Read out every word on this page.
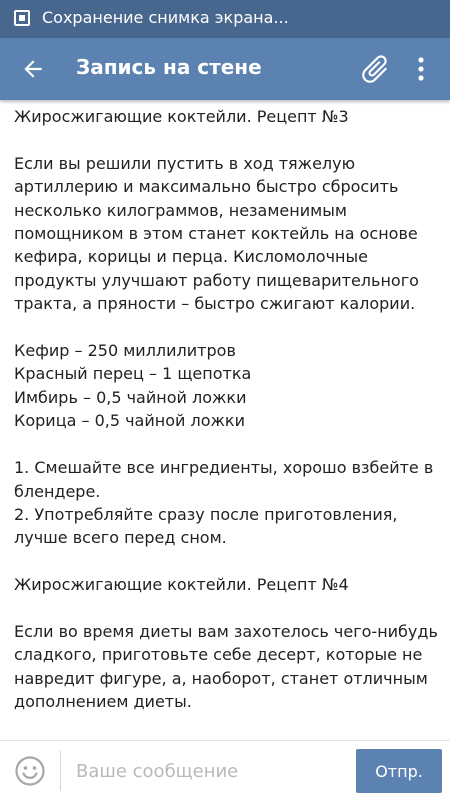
Сохранение снимка экрана...
Запись на стене

Жиросжигающие коктейли. Рецепт №3

Если вы решили пустить в ход тяжелую артиллерию и максимально быстро сбросить несколько килограммов, незаменимым помощником в этом станет коктейль на основе кефира, корицы и перца. Кисломолочные продукты улучшают работу пищеварительного тракта, а пряности – быстро сжигают калории.

Кефир – 250 миллилитров
Красный перец – 1 щепотка
Имбирь – 0,5 чайной ложки
Корица – 0,5 чайной ложки

1. Смешайте все ингредиенты, хорошо взбейте в блендере.
2. Употребляйте сразу после приготовления, лучше всего перед сном.

Жиросжигающие коктейли. Рецепт №4

Если во время диеты вам захотелось чего-нибудь сладкого, приготовьте себе десерт, которые не навредит фигуре, а, наоборот, станет отличным дополнением диеты.

Ваше сообщение
Отпр.
